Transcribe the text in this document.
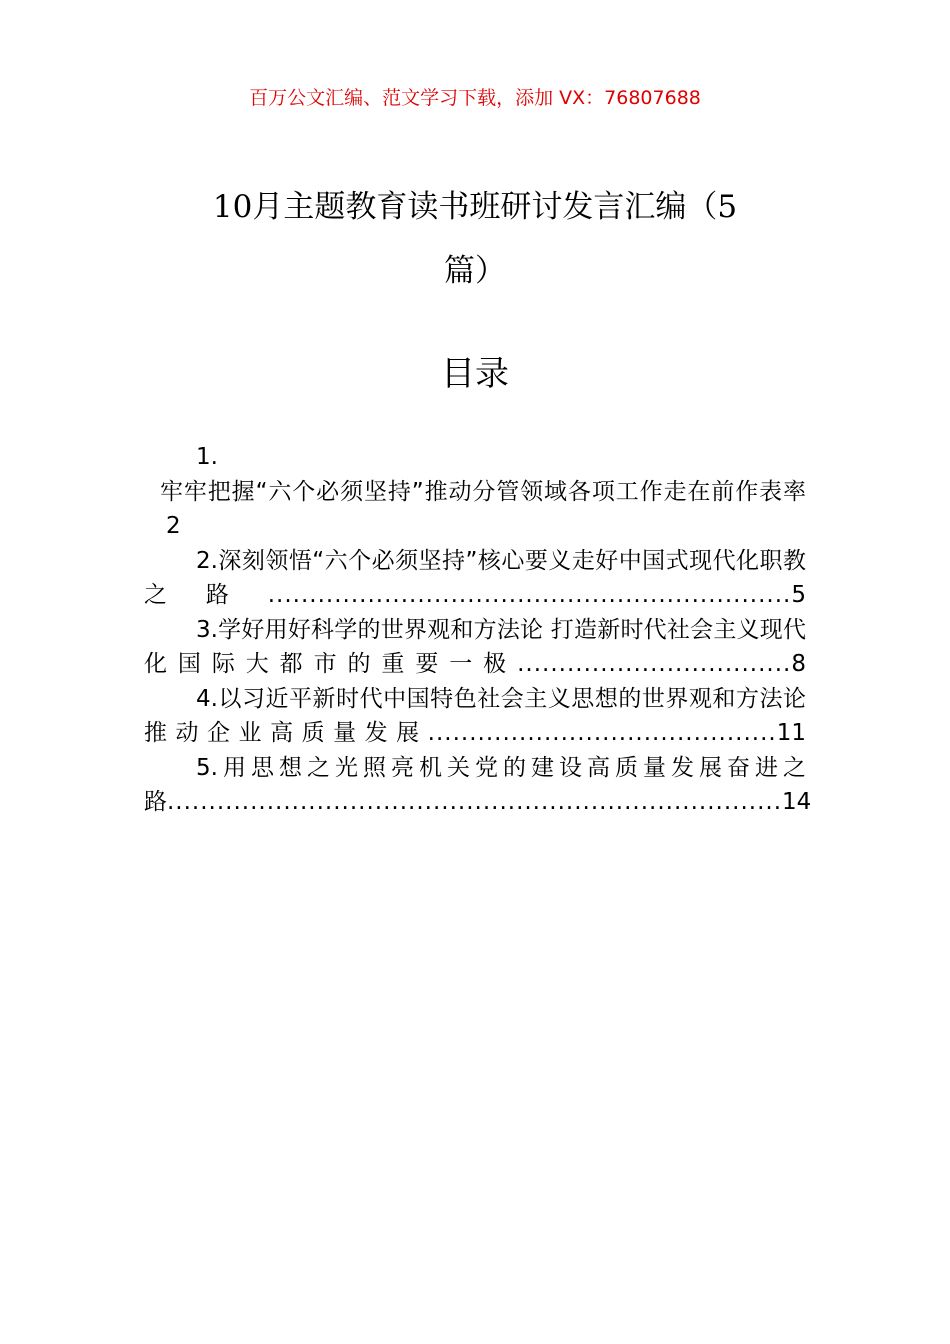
百万公文汇编、范文学习下载，添加 VX：76807688
10月主题教育读书班研讨发言汇编（5
篇）
目录
1.
牢牢把握“六个必须坚持”推动分管领域各项工作走在前作表率2
2.深刻领悟“六个必须坚持”核心要义走好中国式现代化职教之路...............................................................5
3.学好用好科学的世界观和方法论 打造新时代社会主义现代化国际大都市的重要一极.................................8
4.以习近平新时代中国特色社会主义思想的世界观和方法论推动企业高质量发展..........................................11
5.用思想之光照亮机关党的建设高质量发展奋进之路..........................................................................14
